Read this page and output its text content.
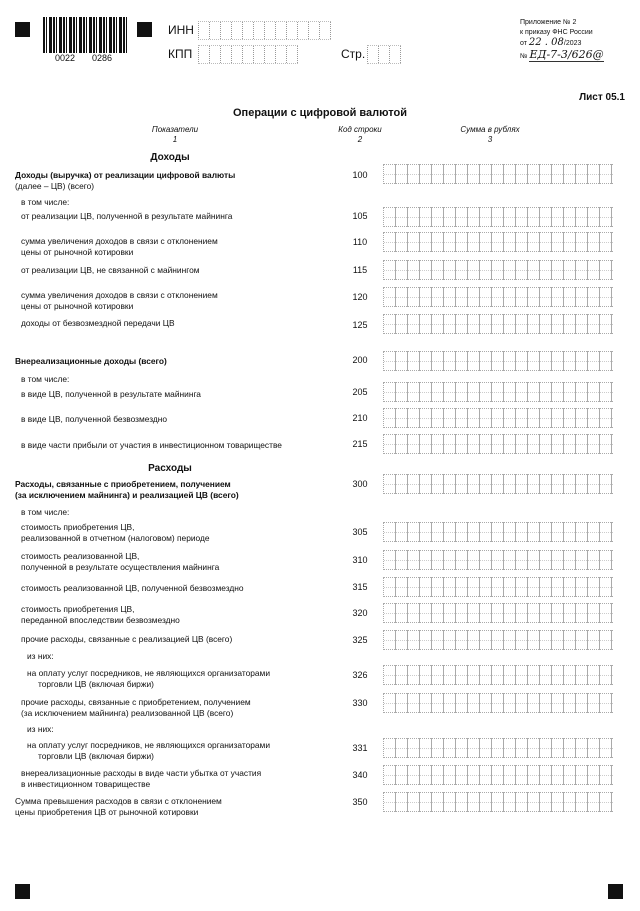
0022 0286
ИНН
КПП	Стр.
Приложение № 2
к приказу ФНС России
от 22 . 08/2023
№ ЕД-7-3/626@
Лист 05.1
Операции с цифровой валютой
Показатели
1
Код строки
2
Сумма в рублях
3
Доходы
Расходы
Доходы (выручка) от реализации цифровой валюты
(далее – ЦВ) (всего)
100
в том числе:
от реализации ЦВ, полученной в результате майнинга	105
сумма увеличения доходов в связи с отклонением
цены от рыночной котировки
110
от реализации ЦВ, не связанной с майнингом	115
сумма увеличения доходов в связи с отклонением
цены от рыночной котировки
120
доходы от безвозмездной передачи ЦВ	125
Внереализационные доходы (всего)	200
в том числе:
в виде ЦВ, полученной в результате майнинга	205
в виде ЦВ, полученной безвозмездно	210
в виде части прибыли от участия в инвестиционном товариществе	215
Расходы, связанные с приобретением, получением
(за исключением майнинга) и реализацией ЦВ (всего)
300
в том числе:
стоимость приобретения ЦВ,
реализованной в отчетном (налоговом) периоде
305
стоимость реализованной ЦВ,
полученной в результате осуществления майнинга
310
стоимость реализованной ЦВ, полученной безвозмездно	315
стоимость приобретения ЦВ,
переданной впоследствии безвозмездно
320
прочие расходы, связанные с реализацией ЦВ (всего)	325
из них:
на оплату услуг посредников, не являющихся организаторами
торговли ЦВ (включая биржи)
326
прочие расходы, связанные с приобретением, получением
(за исключением майнинга) реализованной ЦВ (всего)
330
из них:
на оплату услуг посредников, не являющихся организаторами
торговли ЦВ (включая биржи)
331
внереализационные расходы в виде части убытка от участия
в инвестиционном товариществе
340
Сумма превышения расходов в связи с отклонением
цены приобретения ЦВ от рыночной котировки
350
